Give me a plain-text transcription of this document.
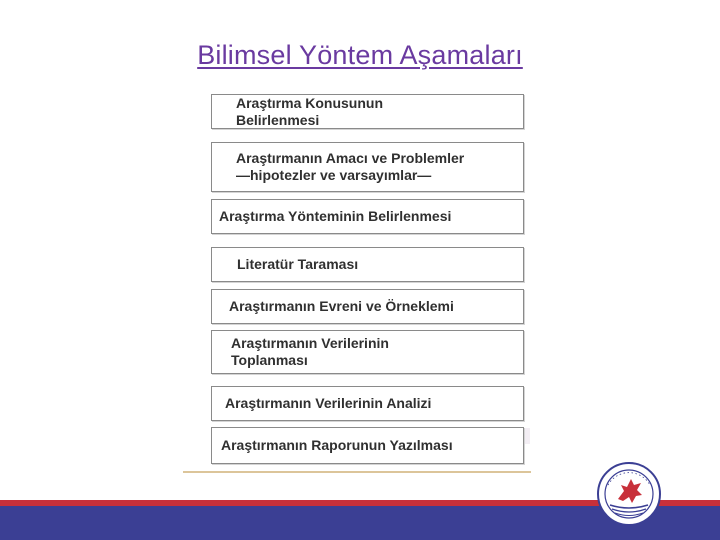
Bilimsel Yöntem Aşamaları
Araştırma Konusunun
Belirlenmesi
Araştırmanın Amacı ve Problemler
—hipotezler ve varsayımlar—
Araştırma Yönteminin Belirlenmesi
Literatür Taraması
Araştırmanın Evreni ve Örneklemi
Araştırmanın Verilerinin
Toplanması
Araştırmanın Verilerinin Analizi
Araştırmanın Raporunun Yazılması
